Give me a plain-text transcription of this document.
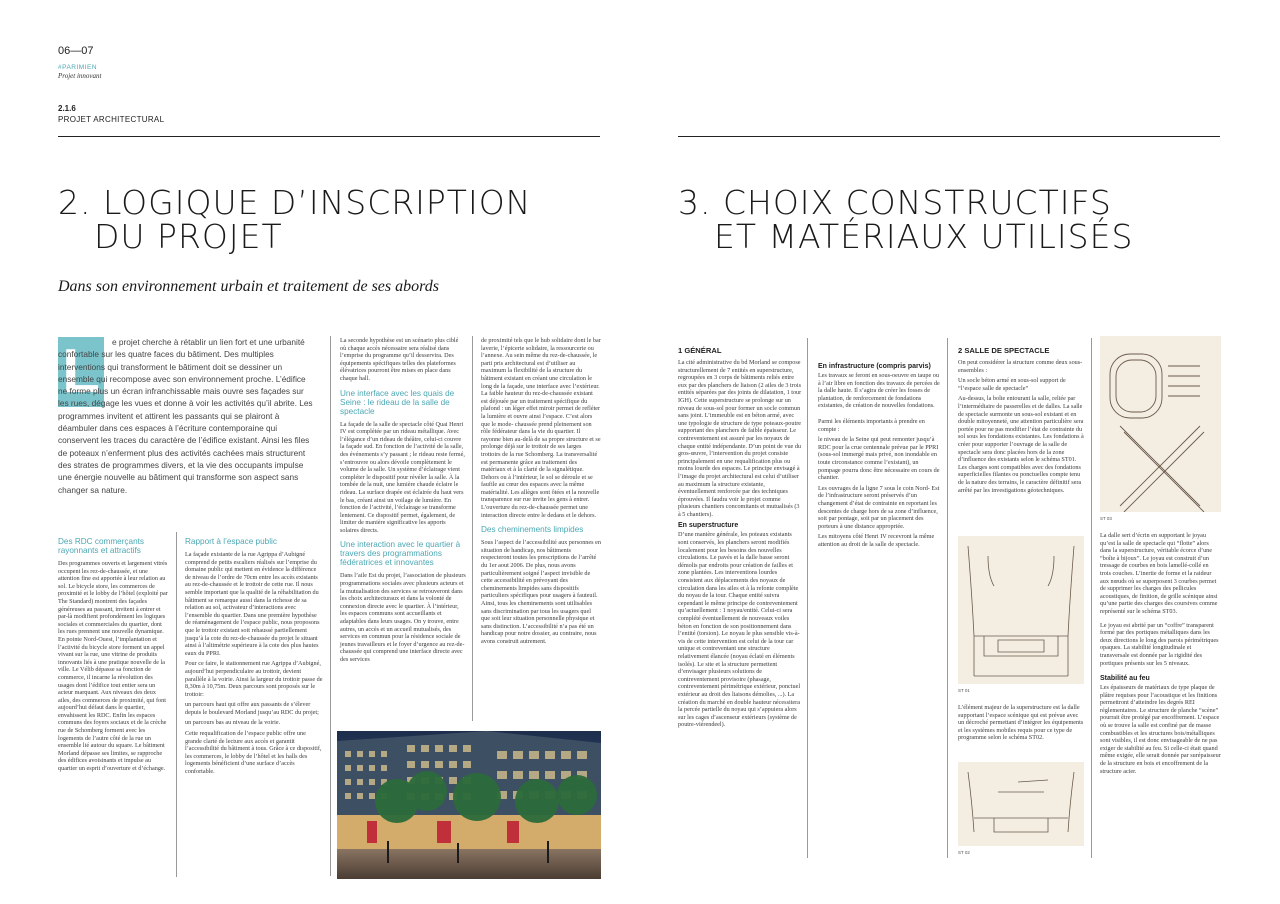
06—07
#PARIMIEN
Projet innovant
2.1.6
PROJET ARCHITECTURAL
2. LOGIQUE D’INSCRIPTION
DU PROJET
Dans son environnement urbain et traitement de ses abords
L	e projet cherche à rétablir un lien fort et une urbanité confortable sur les quatre faces du bâtiment. Des multiples interventions qui transforment le bâtiment doit se dessiner un ensemble qui recompose avec son environnement proche. L’édifice ne forme plus un écran infranchissable mais ouvre ses façades sur les rues, dégage les vues et donne à voir les activités qu’il abrite. Les programmes invitent et attirent les passants qui se plairont à déambuler dans ces espaces à l’écriture contemporaine qui conservent les traces du caractère de l’édifice existant. Ainsi les files de poteaux n’enferment plus des activités cachées mais structurent des strates de programmes divers, et la vie des occupants impulse une énergie nouvelle au bâtiment qui transforme son aspect sans changer sa nature.
Des RDC commerçants rayonnants et attractifs

Des programmes ouverts et largement vitrés occupent les rez-de-chaussée, et une attention fine est apportée à leur relation au sol. Le bicycle store, les commerces de proximité et le lobby de l’hôtel (exploité par The Standard) montrent des façades généreuses au passant, invitent à entrer et par-là modifient profondément les logiques sociales et commerciales du quartier, dont les rues prennent une nouvelle dynamique. En pointe Nord-Ouest, l’implantation et l’activité du bicycle store forment un appel vivant sur la rue, une vitrine de produits innovants liés à une pratique nouvelle de la ville. Le Vélib dépasse sa fonction de commerce, il incarne la révolution des usages dont l’édifice tout entier sera un acteur marquant. Aux niveaux des deux ailes, des commerces de proximité, qui font aujourd’hui défaut dans le quartier, envahissent les RDC. Enfin les espaces communs des foyers sociaux et de la crèche rue de Schomberg forment avec les logements de l’autre côté de la rue un ensemble lié autour du square. Le bâtiment Morland dépasse ses limites, se rapproche des édifices avoisinants et impulse au quartier un esprit d’ouverture et d’échange.

Rapport à l’espace public

La façade existante de la rue Agrippa d’Aubigné comprend de petits escaliers réalisés sur l’emprise du domaine public qui mettent en évidence la différence de niveau de l’ordre de 70cm entre les accès existants au rez-de-chaussée et le trottoir de cette rue. Il nous semble important que la qualité de la réhabilitation du bâtiment se remarque aussi dans la richesse de sa relation au sol, activateur d’interactions avec l’ensemble du quartier. Dans une première hypothèse de réaménagement de l’espace public, nous proposons que le trottoir existant soit rehaussé partiellement jusqu’à la cote du rez-de-chaussée du projet le situant ainsi à l’altimétrie supérieure à la cote des plus hautes eaux du PPRI.

Pour ce faire, le stationnement rue Agrippa d’Aubigné, aujourd’hui perpendiculaire au trottoir, devient parallèle à la voirie. Ainsi la largeur du trottoir passe de 8,30m à 10,75m. Deux parcours sont proposés sur le trottoir:

un parcours haut qui offre aux passants de s’élever depuis le boulevard Morland jusqu’au RDC du projet;

un parcours bas au niveau de la voirie.

Cette requalification de l’espace public offre une grande clarté de lecture aux accès et garantit l’accessibilité du bâtiment à tous. Grâce à ce dispositif, les commerces, le lobby de l’hôtel et les halls des logements bénéficient d’une surface d’accès confortable.

La seconde hypothèse est un scénario plus ciblé où chaque accès nécessaire sera réalisé dans l’emprise du programme qu’il desservira. Des équipements spécifiques telles des plateformes élévatrices pourront être mises en place dans chaque hall.

Une interface avec les quais de Seine : le rideau de la salle de spectacle

La façade de la salle de spectacle côté Quai Henri IV est complétée par un rideau métallique. Avec l’élégance d’un rideau de théâtre, celui-ci couvre la façade sud. En fonction de l’activité de la salle, des événements s’y passant ; le rideau reste fermé, s’entrouvre ou alors dévoile complètement le volume de la salle. Un système d’éclairage vient compléter le dispositif pour révéler la salle. À la tombée de la nuit, une lumière chaude éclaire le rideau. La surface drapée est éclairée du haut vers le bas, créant ainsi un voilage de lumière. En fonction de l’activité, l’éclairage se transforme lentement. Ce dispositif permet, également, de limiter de manière significative les apports solaires directs.

Une interaction avec le quartier à travers des programmations fédératrices et innovantes

Dans l’aile Est du projet, l’association de plusieurs programmations sociales avec plusieurs acteurs et la mutualisation des services se retrouveront dans les choix architecturaux et dans la volonté de connexion directe avec le quartier. À l’intérieur, les espaces communs sont accueillants et adaptables dans leurs usages. On y trouve, entre autres, un accès et un accueil mutualisés, des services en commun pour la résidence sociale de jeunes travailleurs et le foyer d’urgence au rez-de-chaussée qui comprend une interface directe avec des services

de proximité tels que le hub solidaire dont le bar laverie, l’épicerie solidaire, la ressourcerie ou l’annexe. Au sein même du rez-de-chaussée, le parti pris architectural est d’utiliser au maximum la flexibilité de la structure du bâtiment existant en créant une circulation le long de la façade, une interface avec l’extérieur. La faible hauteur du rez-de-chaussée existant est déjouée par un traitement spécifique du plafond : un léger effet miroir permet de refléter la lumière et ouvre ainsi l’espace. C’est alors que le mode- chaussée prend pleinement son rôle fédérateur dans la vie du quartier. Il rayonne bien au-delà de sa propre structure et se prolonge déjà sur le trottoir de ses larges trottoirs de la rue Schomberg. La transversalité est permanente grâce au traitement des matériaux et à la clarté de la signalétique. Dehors ou à l’intérieur, le sol se déroule et se faufile au cœur des espaces avec la même matérialité. Les allèges sont ôtées et la nouvelle transparence sur rue invite les gens à entrer. L’ouverture du rez-de-chaussée permet une interaction directe entre le dedans et le dehors.

Des cheminements limpides

Sous l’aspect de l’accessibilité aux personnes en situation de handicap, nos bâtiments respecteront toutes les prescriptions de l’arrêté du 1er aout 2006. De plus, nous avons particulièrement soigné l’aspect invisible de cette accessibilité en prévoyant des cheminements limpides sans dispositifs particuliers spécifiques pour usagers à fauteuil. Ainsi, tous les cheminements sont utilisables sans discrimination par tous les usagers quel que soit leur situation personnelle physique et sans distinction. L’accessibilité n’a pas été un handicap pour notre dossier, au contraire, nous avons construit autrement.

3. CHOIX CONSTRUCTIFS
ET MATÉRIAUX UTILISÉS
1 GÉNÉRAL

La cité administrative du bd Morland se compose structurellement de 7 entités en superstructure, regroupées en 3 corps de bâtiments reliés entre eux par des planchers de liaison (2 ailes de 3 trois entités séparées par des joints de dilatation, 1 tour IGH). Cette superstructure se prolonge sur un niveau de sous-sol pour former un socle commun sans joint. L’immeuble est en béton armé, avec une typologie de structure de type poteaux-poutre supportant des planchers de faible épaisseur. Le contreventement est assuré par les noyaux de chaque entité indépendante. D’un point de vue du gros-œuvre, l’intervention du projet consiste principalement en une requalification plus ou moins lourde des espaces. Le principe envisagé à l’image du projet architectural est celui d’utiliser au maximum la structure existante, éventuellement renforcée par des techniques éprouvées. Il faudra voir le projet comme plusieurs chantiers concomitants et mutualisés (3 à 5 chantiers).

En superstructure

D’une manière générale, les poteaux existants sont conservés, les planchers seront modifiés localement pour les besoins des nouvelles circulations. Le pavés et la dalle basse seront démolis par endroits pour création de failles et zone plantées. Les interventions lourdes consistent aux déplacements des noyaux de circulation dans les ailes et à la refonte complète du noyau de la tour. Chaque entité suivra cependant le même principe de contreventement qu’actuellement : 1 noyau/entité. Celui-ci sera complété éventuellement de nouveaux voiles béton en fonction de son positionnement dans l’entité (torsion). Le noyau le plus sensible vis-à-vis de cette intervention est celui de la tour car unique et contreventant une structure relativement élancée (noyau éclaté en éléments isolés). Le site et la structure permettent d’envisager plusieurs solutions de contreventement provisoire (phasage, contreventement périmétrique extérieur, ponctuel extérieur au droit des liaisons démolies, ...). La création du marché en double hauteur nécessitera la percée partielle du noyau qui s’appuiera alors sur les cages d’ascenseur extérieurs (système de poutre-viérendeel).

En infrastructure (compris parvis)

Les travaux se feront en sous-oeuvre en taupe ou à l’air libre en fonction des travaux de percées de la dalle haute. Il s’agira de créer les fosses de plantation, de renforcement de fondations existantes, de création de nouvelles fondations.

Parmi les éléments importants à prendre en compte :

le niveau de la Seine qui peut remonter jusqu’à RDC pour la crue centennale prévue par le PPRI (sous-sol immergé mais privé, non inondable en toute circonstance comme l’existant), un pompage pourra donc être nécessaire en cours de chantier.

Les ouvrages de la ligne 7 sous le coin Nord- Est de l’infrastructure seront préservés d’un changement d’état de contrainte en reportant les descentes de charge hors de sa zone d’influence, soit par pontage, soit par un placement des porteurs à une distance appropriée.

Les mitoyens côté Henri IV recevront la même attention au droit de la salle de spectacle.

2 SALLE DE SPECTACLE

On peut considérer la structure comme deux sous-ensembles :

Un socle béton armé en sous-sol support de “l’espace salle de spectacle”

Au-dessus, la boîte entourant la salle, reliée par l’intermédiaire de passerelles et de dalles. La salle de spectacle surmonte un sous-sol existant et en double mitoyenneté, une attention particulière sera portée pour ne pas modifier l’état de contrainte du sol sous les fondations existantes. Les fondations à créer pour supporter l’ouvrage de la salle de spectacle sera donc placées hors de la zone d’influence des existants selon le schéma ST01. Les charges sont compatibles avec des fondations superficielles filantes ou ponctuelles compte tenu de la nature des terrains, le caractère définitif sera arrêté par les investigations géotechniques.

ST 01

L’élément majeur de la superstructure est la dalle supportant l’espace scénique qui est prévue avec un décroché permettant d’intégrer les équipements et les systèmes mobiles requis pour ce type de programme selon le schéma ST02.

ST 02
ST 03

La dalle sert d’écrin en supportant le joyau qu’est la salle de spectacle qui “flotte” alors dans la superstructure, véritable écorce d’une “boîte à bijoux”. Le joyau est construit d’un tressage de courbes en bois lamellé-collé en trois couches. L’inertie de forme et la raideur aux nœuds où se superposent 3 courbes permet de supprimer les charges des pellicules acoustiques, de finition, de grille scénique ainsi qu’une partie des charges des coursives comme représenté sur le schéma ST03.

Le joyau est abrité par un “coffre” transparent formé par des portiques métalliques dans les deux directions le long des parois périmétriques opaques. La stabilité longitudinale et transversale est donnée par la rigidité des portiques présents sur les 5 niveaux.

Stabilité au feu

Les épaisseurs de matériaux de type plaque de plâtre requises pour l’acoustique et les finitions permettront d’atteindre les degrés REI réglementaires. Le structure de planche “scène” pourrait être protégé par encoffrement. L’espace où se trouve la salle est confiné par de masse combustibles et les structures bois/métalliques sont visibles, il est donc envisageable de ne pas exiger de stabilité au feu. Si celle-ci était quand même exigée, elle serait donnée par surépaisseur de la structure en bois et encoffrement de la structure acier.
